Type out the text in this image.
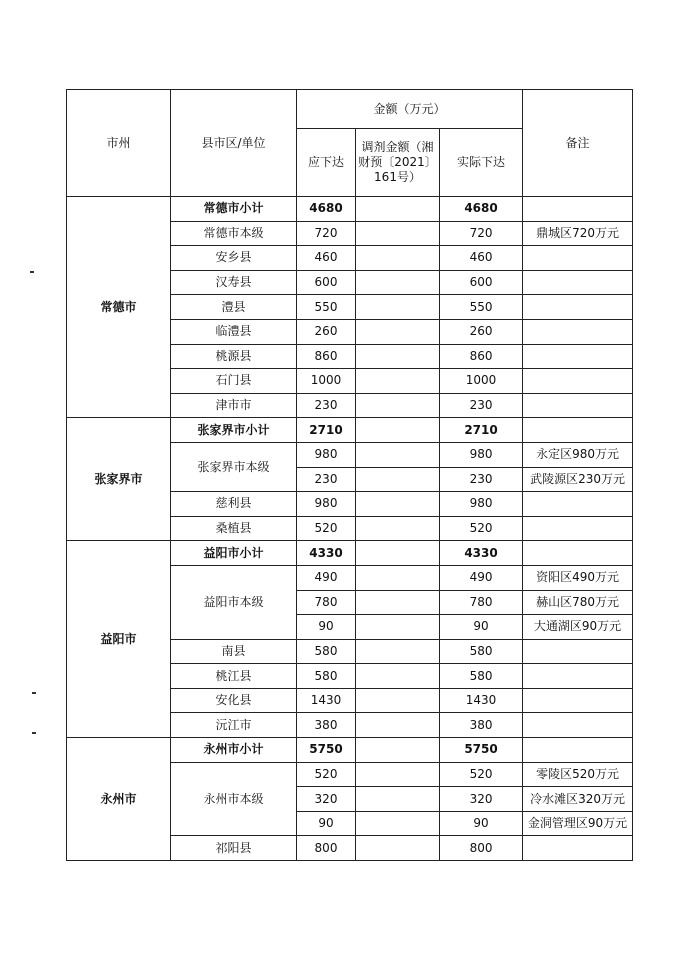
市州	县市区/单位	金额（万元）			备注
		应下达	调剂金额（湘
财预〔2021〕
161号）	实际下达	
常德市	常德市小计	4680		4680	
	常德市本级	720		720	鼎城区720万元
	安乡县	460		460	
	汉寿县	600		600	
	澧县	550		550	
	临澧县	260		260	
	桃源县	860		860	
	石门县	1000		1000	
	津市市	230		230	
张家界市	张家界市小计	2710		2710	
	张家界市本级	980		980	永定区980万元
		230		230	武陵源区230万元
	慈利县	980		980	
	桑植县	520		520	
益阳市	益阳市小计	4330		4330	
	益阳市本级	490		490	资阳区490万元
		780		780	赫山区780万元
		90		90	大通湖区90万元
	南县	580		580	
	桃江县	580		580	
	安化县	1430		1430	
	沅江市	380		380	
永州市	永州市小计	5750		5750	
	永州市本级	520		520	零陵区520万元
		320		320	冷水滩区320万元
		90		90	金洞管理区90万元
	祁阳县	800		800	
